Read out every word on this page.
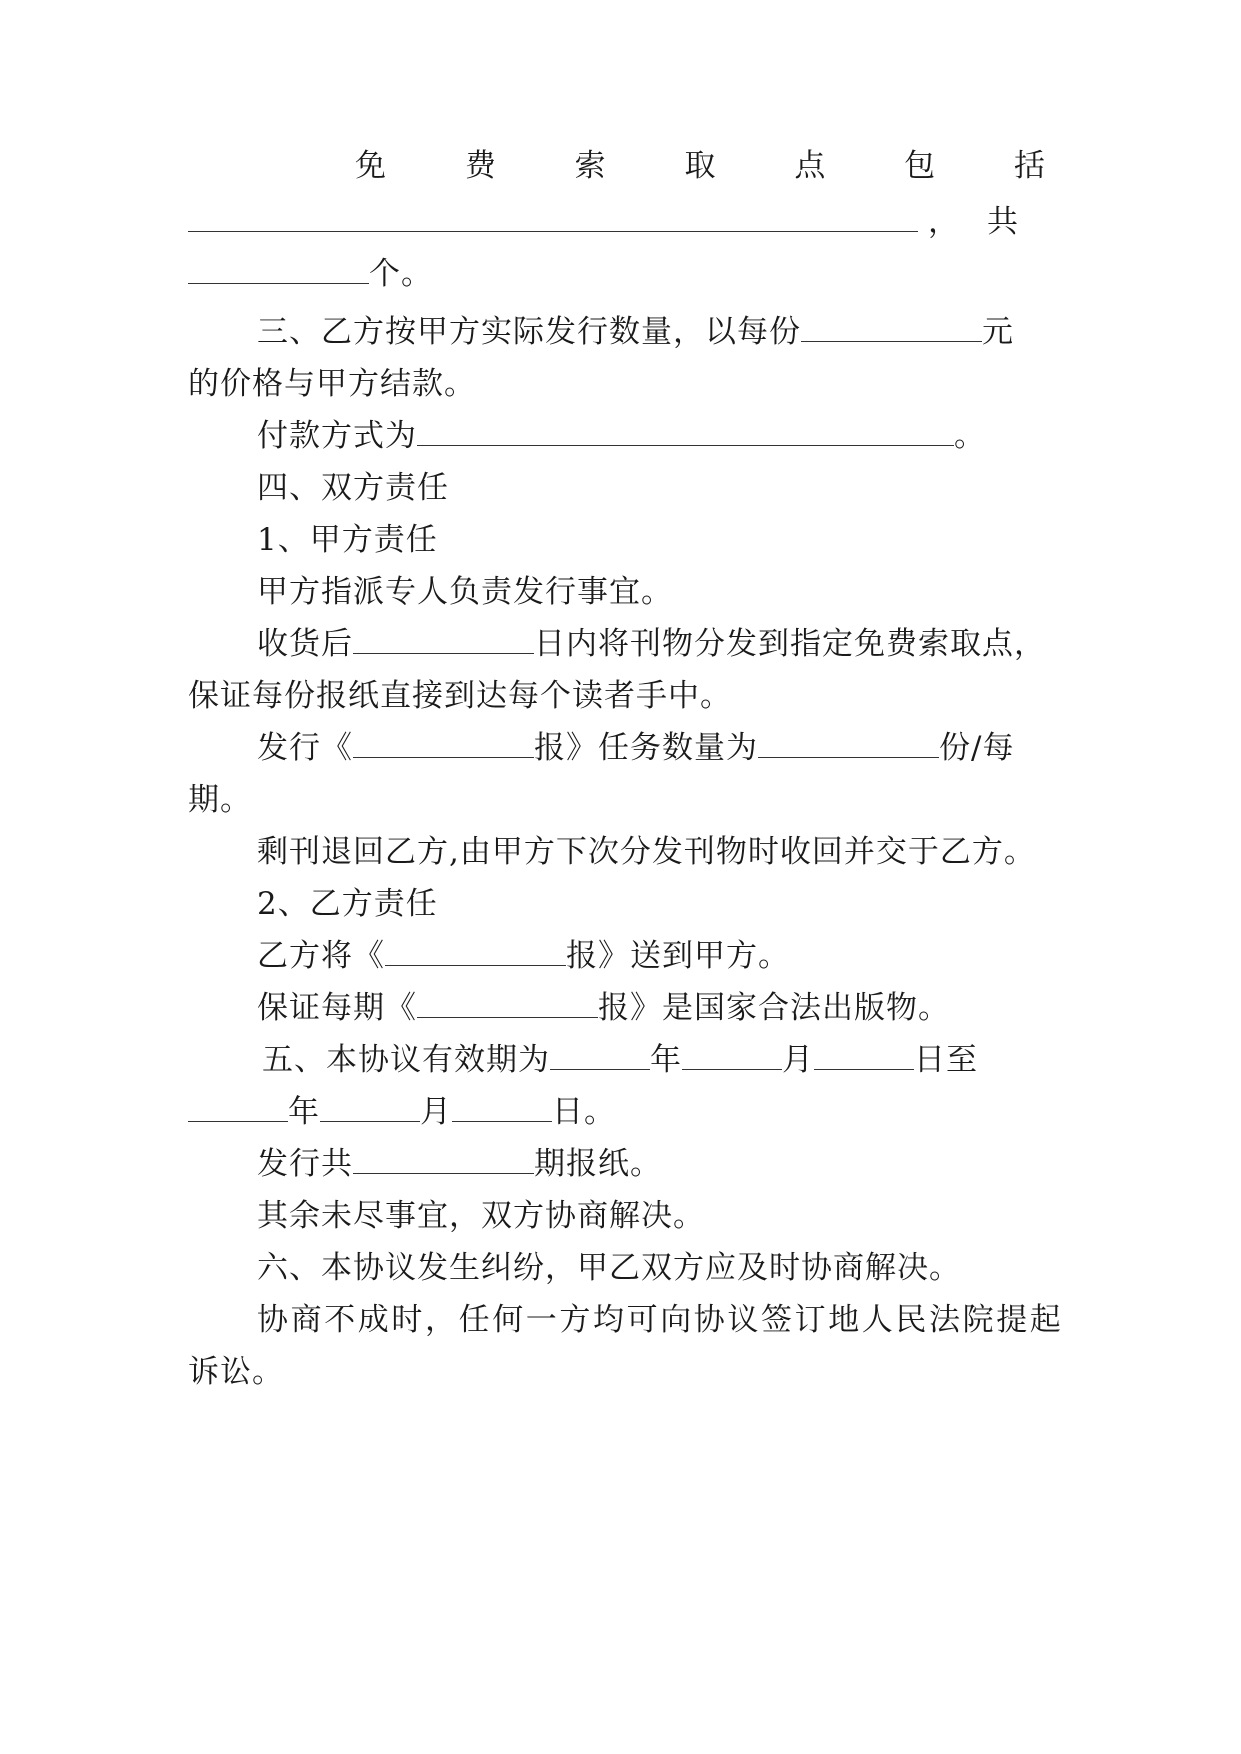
免	费	索	取	点	包	括
，共
个。
三、乙方按甲方实际发行数量，以每份	元
的价格与甲方结款。
付款方式为	。
四、双方责任
1、甲方责任
甲方指派专人负责发行事宜。
收货后	日内将刊物分发到指定免费索取点，
保证每份报纸直接到达每个读者手中。
发行《	报》任务数量为	份/每
期。
剩刊退回乙方,由甲方下次分发刊物时收回并交于乙方。
2、乙方责任
乙方将《	报》送到甲方。
保证每期《	报》是国家合法出版物。
五、本协议有效期为	年	月	日至
年	月	日。
发行共	期报纸。
其余未尽事宜，双方协商解决。
六、本协议发生纠纷，甲乙双方应及时协商解决。
协商不成时，任何一方均可向协议签订地人民法院提起
诉讼。
